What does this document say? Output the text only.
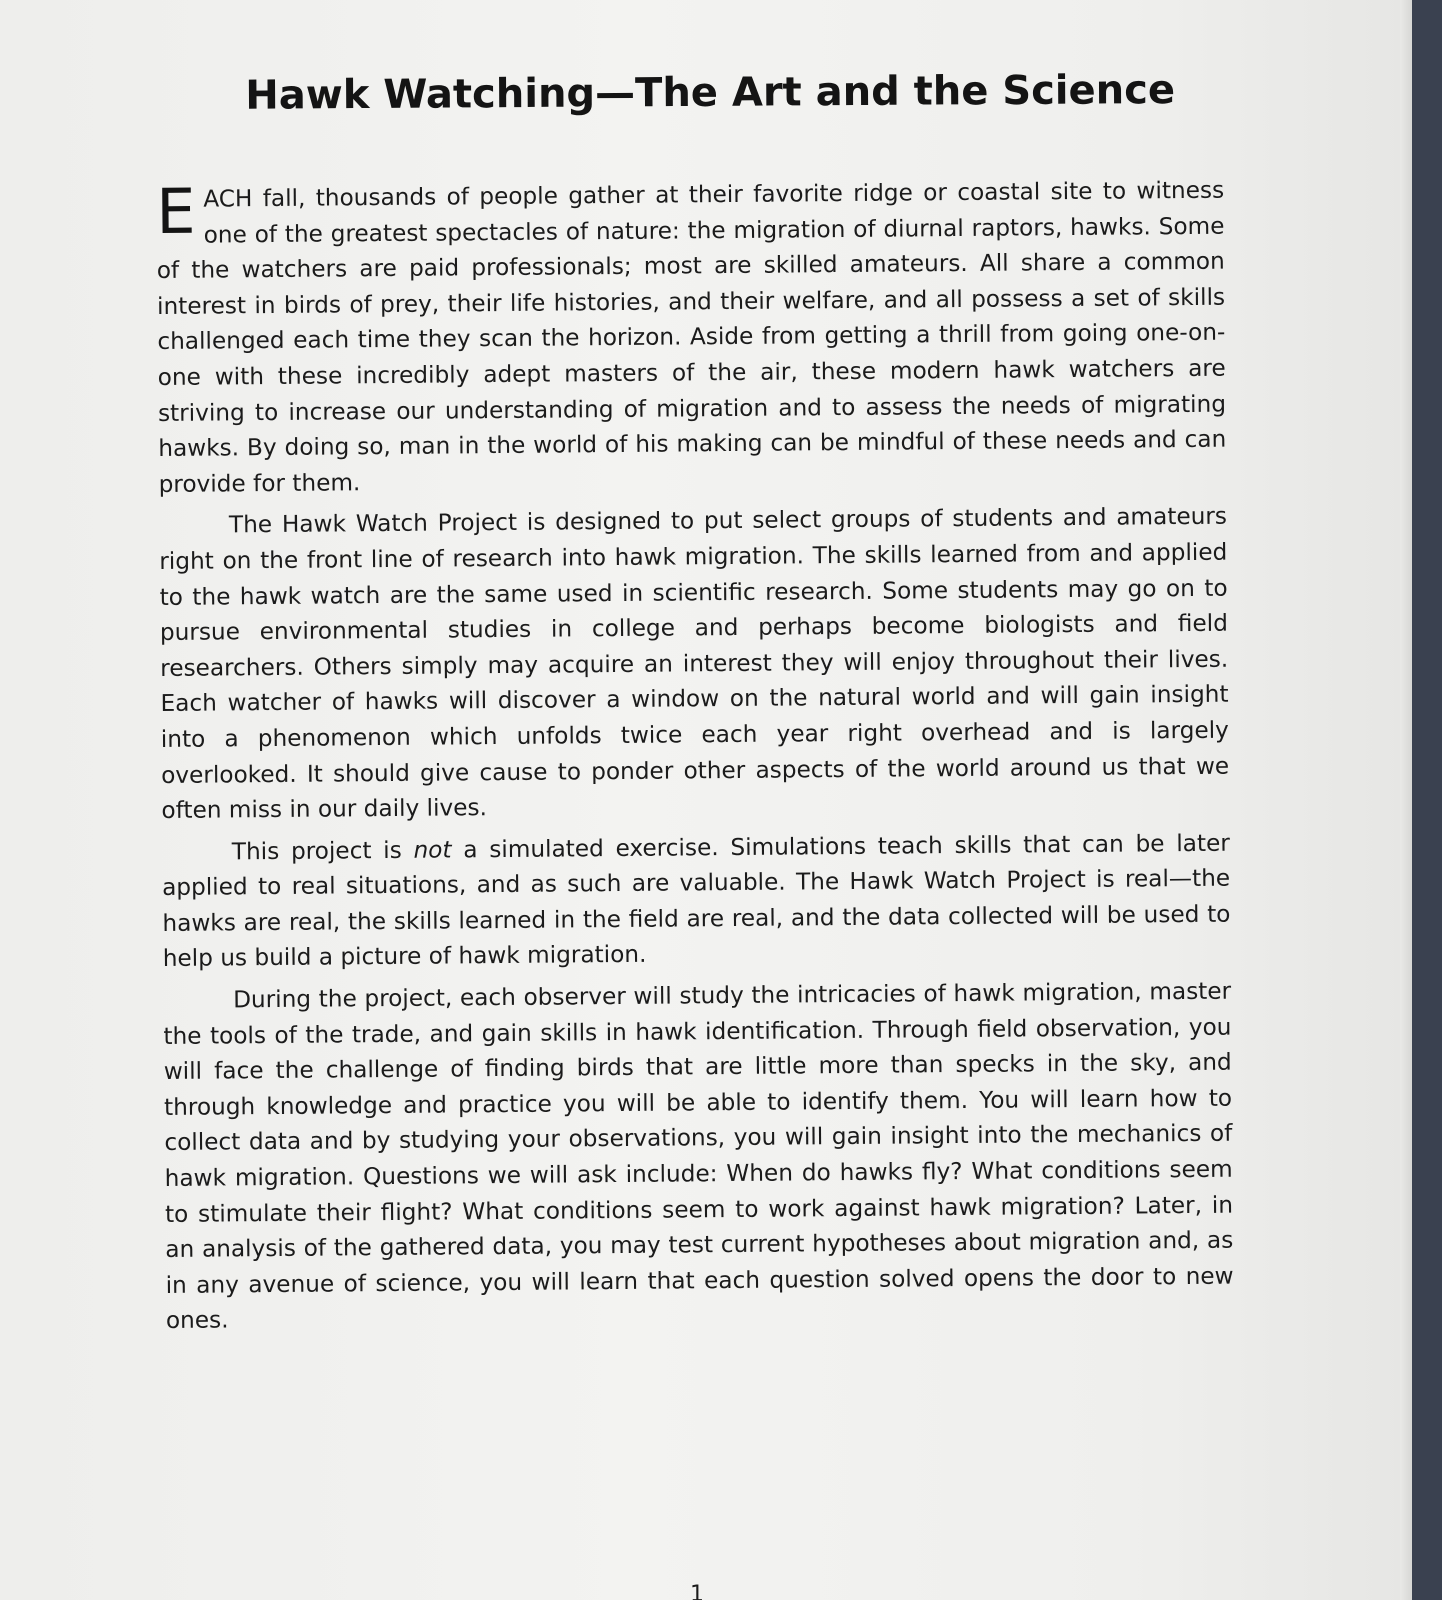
Hawk Watching—The Art and the Science

EACH fall, thousands of people gather at their favorite ridge or coastal site to witness one of the greatest spectacles of nature: the migration of diurnal raptors, hawks. Some of the watchers are paid professionals; most are skilled amateurs. All share a common interest in birds of prey, their life histories, and their welfare, and all possess a set of skills challenged each time they scan the horizon. Aside from getting a thrill from going one-on-one with these incredibly adept masters of the air, these modern hawk watchers are striving to increase our understanding of migration and to assess the needs of migrating hawks. By doing so, man in the world of his making can be mindful of these needs and can provide for them.

The Hawk Watch Project is designed to put select groups of students and amateurs right on the front line of research into hawk migration. The skills learned from and applied to the hawk watch are the same used in scientific research. Some students may go on to pursue environmental studies in college and perhaps become biologists and field researchers. Others simply may acquire an interest they will enjoy throughout their lives. Each watcher of hawks will discover a window on the natural world and will gain insight into a phenomenon which unfolds twice each year right overhead and is largely overlooked. It should give cause to ponder other aspects of the world around us that we often miss in our daily lives.

This project is not a simulated exercise. Simulations teach skills that can be later applied to real situations, and as such are valuable. The Hawk Watch Project is real—the hawks are real, the skills learned in the field are real, and the data collected will be used to help us build a picture of hawk migration.

During the project, each observer will study the intricacies of hawk migration, master the tools of the trade, and gain skills in hawk identification. Through field observation, you will face the challenge of finding birds that are little more than specks in the sky, and through knowledge and practice you will be able to identify them. You will learn how to collect data and by studying your observations, you will gain insight into the mechanics of hawk migration. Questions we will ask include: When do hawks fly? What conditions seem to stimulate their flight? What conditions seem to work against hawk migration? Later, in an analysis of the gathered data, you may test current hypotheses about migration and, as in any avenue of science, you will learn that each question solved opens the door to new ones.

1
